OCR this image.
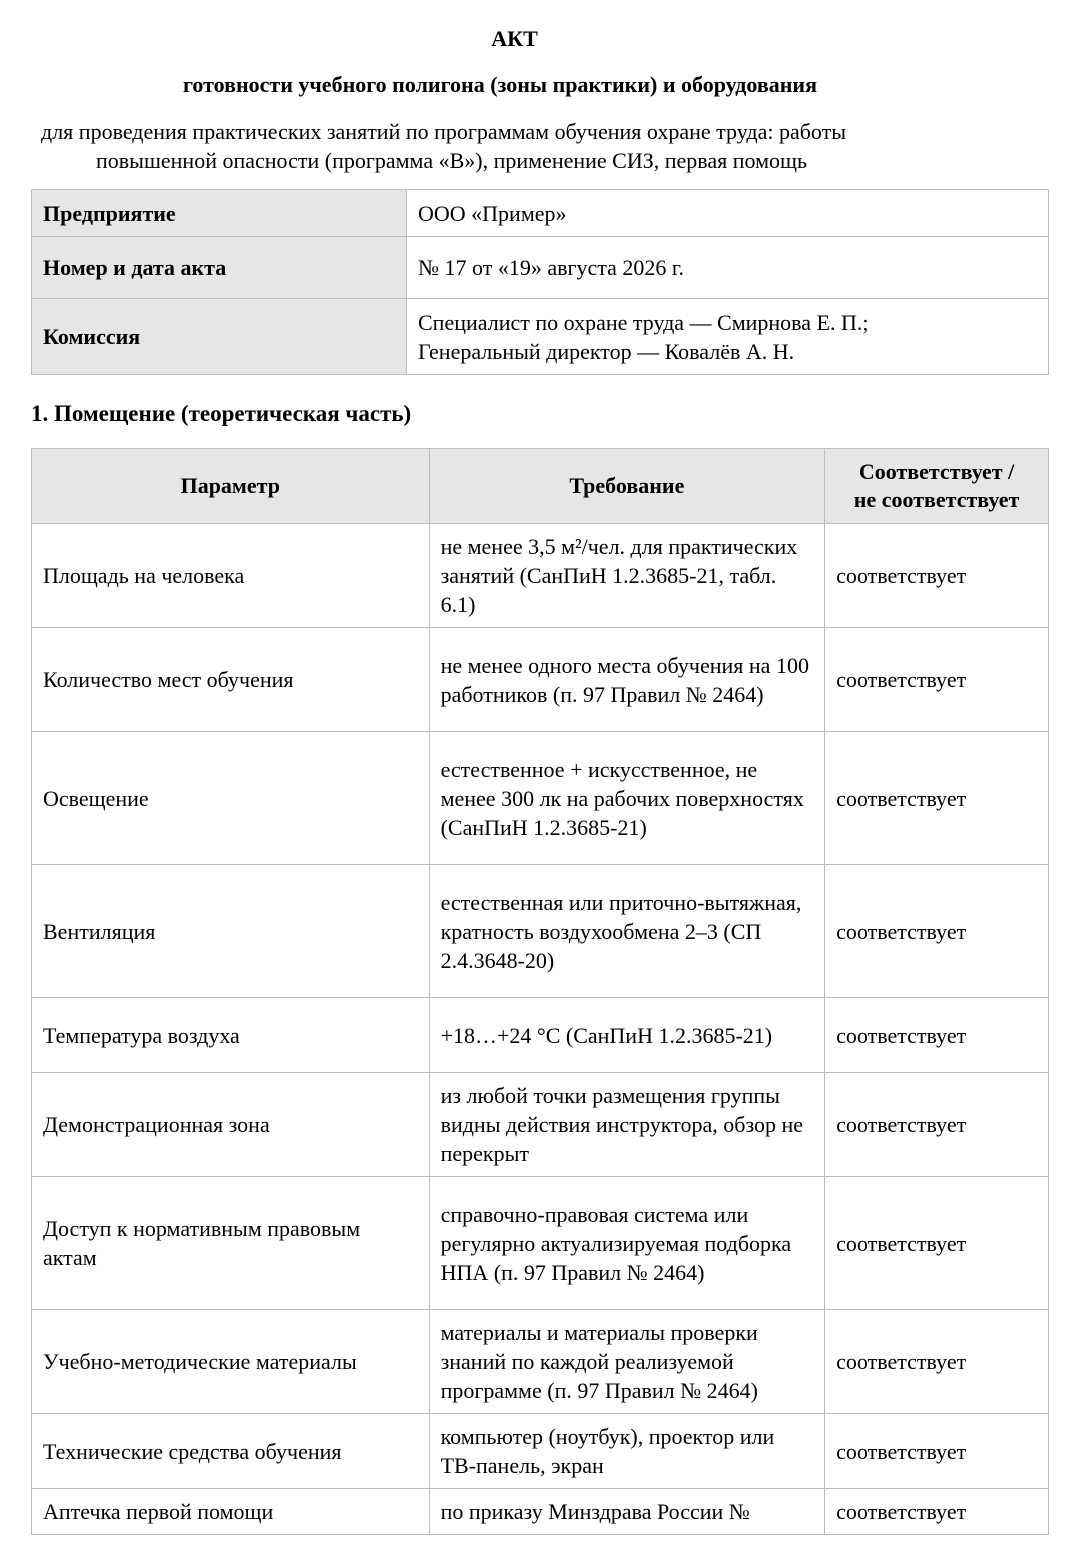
АКТ
готовности учебного полигона (зоны практики) и оборудования
для проведения практических занятий по программам обучения охране труда: работы
повышенной опасности (программа «В»), применение СИЗ, первая помощь
Предприятие	ООО «Пример»
Номер и дата акта	№ 17 от «19» августа 2026 г.
Комиссия	Специалист по охране труда — Смирнова Е. П.;
Генеральный директор — Ковалёв А. Н.
1. Помещение (теоретическая часть)
Параметр	Требование	Соответствует /
не соответствует

Площадь на человека	не менее 3,5 м²/чел. для практических занятий (СанПиН 1.2.3685-21, табл. 6.1)	соответствует
Количество мест обучения	не менее одного места обучения на 100 работников (п. 97 Правил № 2464)	соответствует
Освещение	естественное + искусственное, не менее 300 лк на рабочих поверхностях (СанПиН 1.2.3685-21)	соответствует
Вентиляция	естественная или приточно-вытяжная, кратность воздухообмена 2–3 (СП 2.4.3648-20)	соответствует
Температура воздуха	+18…+24 °С (СанПиН 1.2.3685-21)	соответствует
Демонстрационная зона	из любой точки размещения группы видны действия инструктора, обзор не перекрыт	соответствует
Доступ к нормативным правовым актам	справочно-правовая система или регулярно актуализируемая подборка НПА (п. 97 Правил № 2464)	соответствует
Учебно-методические материалы	материалы и материалы проверки знаний по каждой реализуемой программе (п. 97 Правил № 2464)	соответствует
Технические средства обучения	компьютер (ноутбук), проектор или ТВ-панель, экран	соответствует
Аптечка первой помощи	по приказу Минздрава России №	соответствует
